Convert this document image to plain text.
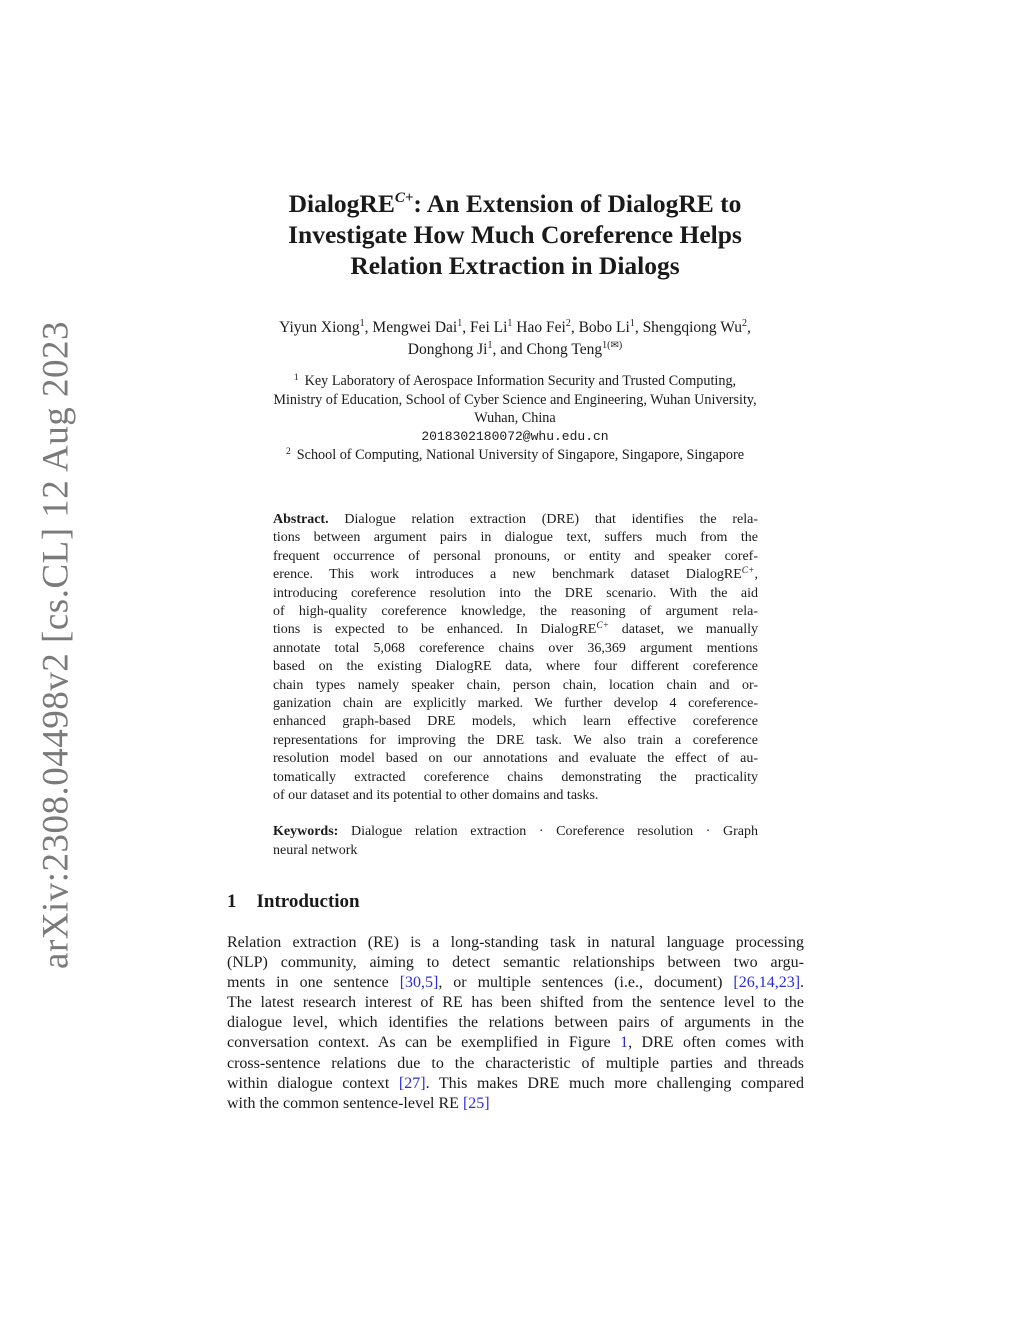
arXiv:2308.04498v2 [cs.CL] 12 Aug 2023
DialogRE$^{C+}$: An Extension of DialogRE to
Investigate How Much Coreference Helps
Relation Extraction in Dialogs
Yiyun Xiong$^1$, Mengwei Dai$^1$, Fei Li$^1$ Hao Fei$^2$, Bobo Li$^1$, Shengqiong Wu$^2$,
Donghong Ji$^1$, and Chong Teng$^{1(✉)}$
$^1$ Key Laboratory of Aerospace Information Security and Trusted Computing,
Ministry of Education, School of Cyber Science and Engineering, Wuhan University,
Wuhan, China
2018302180072@whu.edu.cn
$^2$ School of Computing, National University of Singapore, Singapore, Singapore
Abstract. Dialogue relation extraction (DRE) that identifies the rela-
tions between argument pairs in dialogue text, suffers much from the
frequent occurrence of personal pronouns, or entity and speaker coref-
erence. This work introduces a new benchmark dataset DialogRE$^{C+}$,
introducing coreference resolution into the DRE scenario. With the aid
of high-quality coreference knowledge, the reasoning of argument rela-
tions is expected to be enhanced. In DialogRE$^{C+}$ dataset, we manually
annotate total 5,068 coreference chains over 36,369 argument mentions
based on the existing DialogRE data, where four different coreference
chain types namely speaker chain, person chain, location chain and or-
ganization chain are explicitly marked. We further develop 4 coreference-
enhanced graph-based DRE models, which learn effective coreference
representations for improving the DRE task. We also train a coreference
resolution model based on our annotations and evaluate the effect of au-
tomatically extracted coreference chains demonstrating the practicality
of our dataset and its potential to other domains and tasks.
Keywords: Dialogue relation extraction · Coreference resolution · Graph
neural network
1 Introduction
Relation extraction (RE) is a long-standing task in natural language processing
(NLP) community, aiming to detect semantic relationships between two argu-
ments in one sentence [30,5], or multiple sentences (i.e., document) [26,14,23].
The latest research interest of RE has been shifted from the sentence level to the
dialogue level, which identifies the relations between pairs of arguments in the
conversation context. As can be exemplified in Figure 1, DRE often comes with
cross-sentence relations due to the characteristic of multiple parties and threads
within dialogue context [27]. This makes DRE much more challenging compared
with the common sentence-level RE [25]
